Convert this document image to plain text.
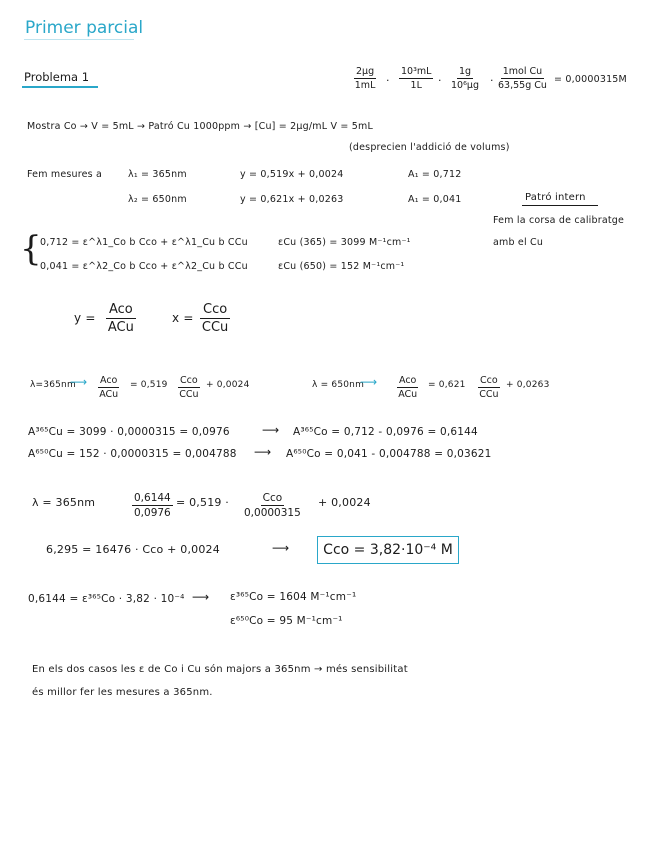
Primer parcial
Problema 1	2µg
$1mL \cdot \frac{\text{10³mL}}{1L}$ ·
1g
10⁶µg ·
1mol Cu
63,55g Cu
= 0,0000315M
Mostra Co → V = 5mL → Patró Cu 1000ppm → [Cu] = 2µg/mL V = 5mL
(desprecien l'addició de volums)
Fem mesures a	λ₁ = 365nm	y = 0,519x + 0,0024	A₁ = 0,712
λ₂ = 650nm	y = 0,621x + 0,0263	A₁ = 0,041	Patró intern
Fem la corsa de calibratge
amb el Cu
{
0,712 = ε^λ1_Co b Cco + ε^λ1_Cu b CCu	εCu (365) = 3099 M⁻¹cm⁻¹
0,041 = ε^λ2_Co b Cco + ε^λ2_Cu b CCu	εCu (650) = 152 M⁻¹cm⁻¹
y =
Aco
ACu
x =
Cco
CCu
λ=365nm
⟶ Aco
ACu
= 0,519 Cco
CCu
+ 0,0024	λ = 650nm
⟶ Aco
ACu
= 0,621 Cco
CCu
+ 0,0263
A³⁶⁵Cu = 3099 · 0,0000315 = 0,0976	⟶ A³⁶⁵Co = 0,712 - 0,0976 = 0,6144
A⁶⁵⁰Cu = 152 · 0,0000315 = 0,004788 ⟶ A⁶⁵⁰Co = 0,041 - 0,004788 = 0,03621
λ = 365nm	$\frac{0,6144}{0,0976} = 0,519$ ·	Cco
0,0000315
+ 0,0024
6,295 = 16476 · Cco + 0,0024	⟶	Cco = 3,82·10⁻⁴ M
0,6144 = ε³⁶⁵Co · 3,82 · 10⁻⁴ ⟶ ε³⁶⁵Co = 1604 M⁻¹cm⁻¹
ε⁶⁵⁰Co = 95 M⁻¹cm⁻¹
En els dos casos les ε de Co i Cu són majors a 365nm → més sensibilitat
és millor fer les mesures a 365nm.
